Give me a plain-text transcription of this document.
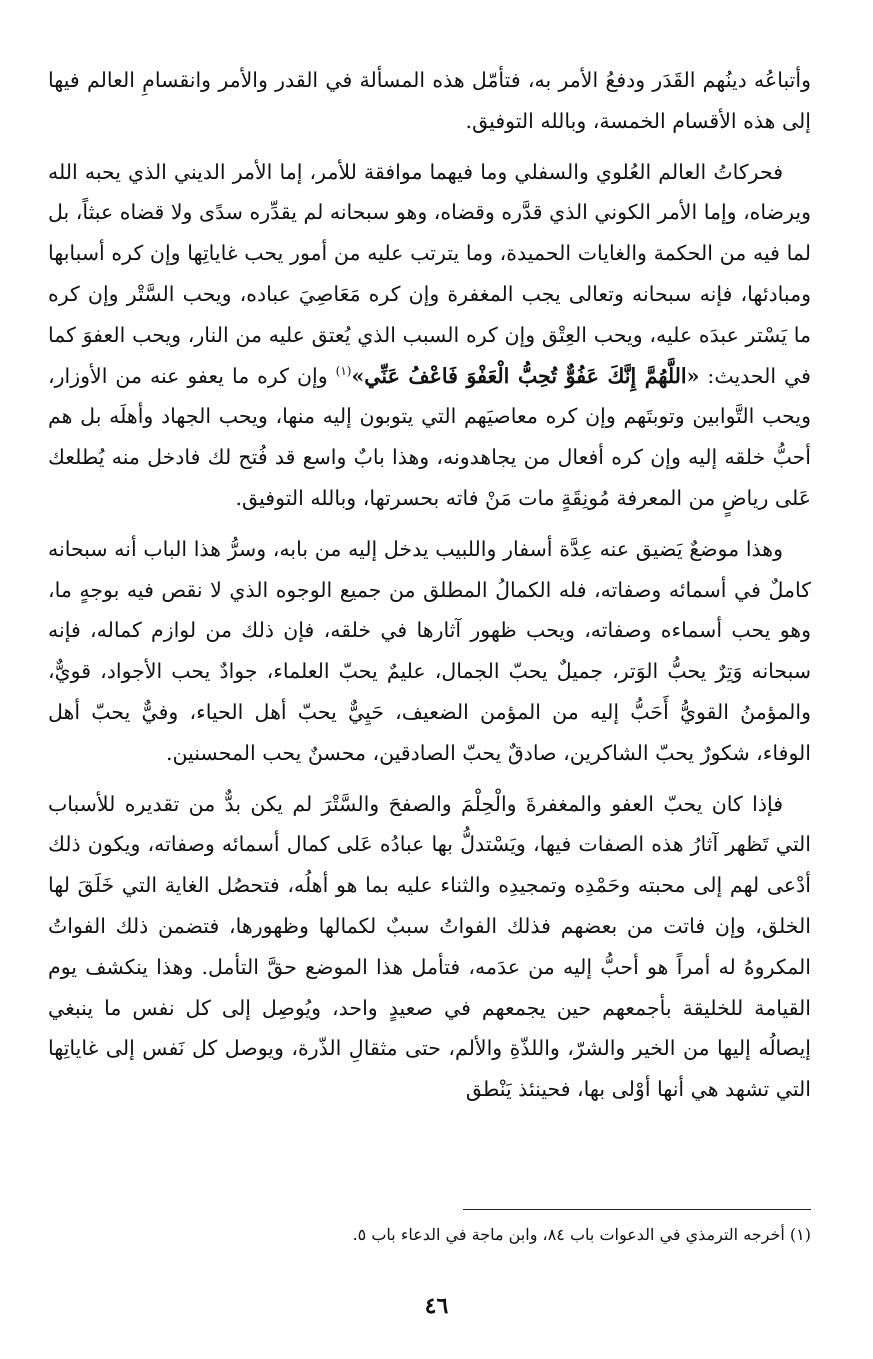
وأتباعُه دينُهم القَدَر ودفعُ الأمر به، فتأمّل هذه المسألة في القدر والأمر وانقسامِ العالم فيها إلى هذه الأقسام الخمسة، وبالله التوفيق.

فحركاتُ العالم العُلوي والسفلي وما فيهما موافقة للأمر، إما الأمر الديني الذي يحبه الله ويرضاه، وإما الأمر الكوني الذي قدَّره وقضاه، وهو سبحانه لم يقدِّره سدًى ولا قضاه عبثاً، بل لما فيه من الحكمة والغايات الحميدة، وما يترتب عليه من أمور يحب غاياتِها وإن كره أسبابها ومبادئها، فإنه سبحانه وتعالى يجب المغفرة وإن كره مَعَاصِيَ عباده، ويحب السَّتْر وإن كره ما يَسْتر عبدَه عليه، ويحب العِتْق وإن كره السبب الذي يُعتق عليه من النار، ويحب العفوَ كما في الحديث: «اللَّهُمَّ إِنَّكَ عَفُوٌّ تُحِبُّ الْعَفْوَ فَاعْفُ عَنِّي»$^{(١)}$ وإن كره ما يعفو عنه من الأوزار، ويحب التَّوابين وتوبتَهم وإن كره معاصيَهم التي يتوبون إليه منها، ويحب الجهاد وأهلَه بل هم أحبُّ خلقه إليه وإن كره أفعال من يجاهدونه، وهذا بابٌ واسع قد فُتح لك فادخل منه يُطلعك عَلى رياضٍ من المعرفة مُونِقَةٍ مات مَنْ فاته بحسرتها، وبالله التوفيق.

وهذا موضعٌ يَضيق عنه عِدَّة أسفار واللبيب يدخل إليه من بابه، وسرُّ هذا الباب أنه سبحانه كاملٌ في أسمائه وصفاته، فله الكمالُ المطلق من جميع الوجوه الذي لا نقص فيه بوجهٍ ما، وهو يحب أسماءه وصفاته، ويحب ظهور آثارها في خلقه، فإن ذلك من لوازم كماله، فإنه سبحانه وَتِرٌ يحبُّ الوَتر، جميلٌ يحبّ الجمال، عليمٌ يحبّ العلماء، جوادٌ يحب الأجواد، قويٌّ، والمؤمنُ القويُّ أَحَبُّ إليه من المؤمن الضعيف، حَيِيٌّ يحبّ أهل الحياء، وفيٌّ يحبّ أهل الوفاء، شكورٌ يحبّ الشاكرين، صادقٌ يحبّ الصادقين، محسنٌ يحب المحسنين.

فإذا كان يحبّ العفو والمغفرةَ والْحِلْمَ والصفحَ والسَّتْرَ لم يكن بدٌّ من تقديره للأسباب التي تَظهر آثارُ هذه الصفات فيها، ويَسْتدلُّ بها عبادُه عَلى كمال أسمائه وصفاته، ويكون ذلك أدْعى لهم إلى محبته وحَمْدِه وتمجيدِه والثناء عليه بما هو أهلُه، فتحصُل الغاية التي خَلَقَ لها الخلق، وإن فاتت من بعضهم فذلك الفواتُ سببٌ لكمالها وظهورها، فتضمن ذلك الفواتُ المكروهُ له أمراً هو أحبُّ إليه من عدَمه، فتأمل هذا الموضع حقَّ التأمل. وهذا ينكشف يوم القيامة للخليقة بأجمعهم حين يجمعهم في صعيدٍ واحد، ويُوصِل إلى كل نفس ما ينبغي إيصالُه إليها من الخير والشرّ، واللذّةِ والألم، حتى مثقالِ الذّرة، ويوصل كل نَفس إلى غاياتِها التي تشهد هي أنها أوْلى بها، فحينئذ يَنْطق

(١) أخرجه الترمذي في الدعوات باب ٨٤، وابن ماجة في الدعاء باب ٥.
٤٦
